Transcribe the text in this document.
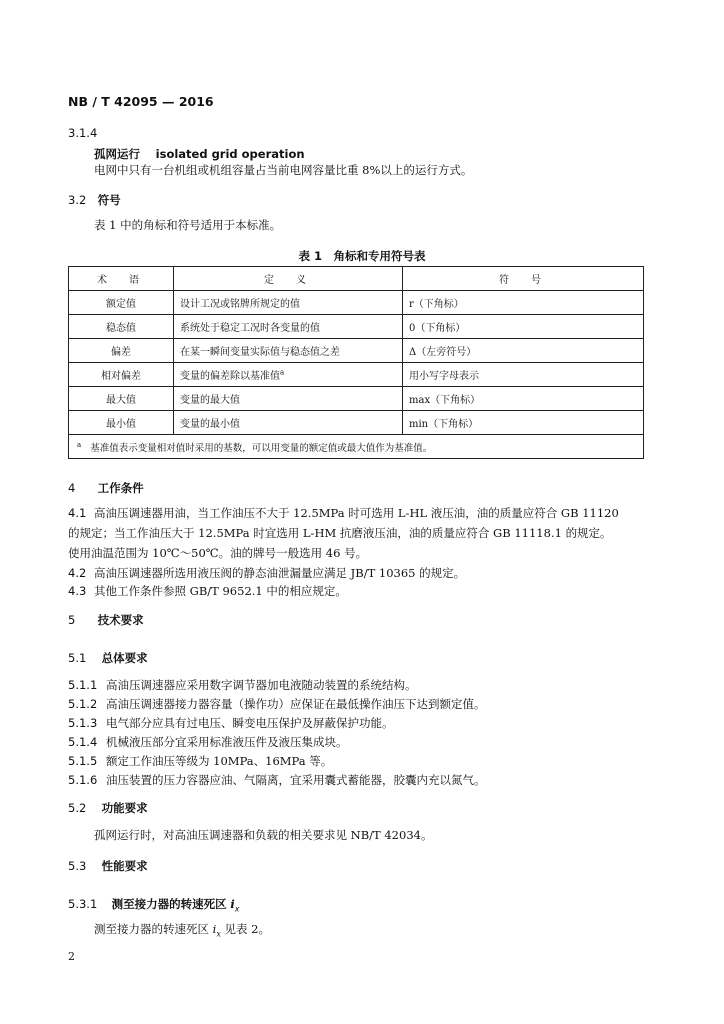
NB / T 42095 — 2016
3.1.4
孤网运行 isolated grid operation
电网中只有一台机组或机组容量占当前电网容量比重 8%以上的运行方式。
3.2 符号
表 1 中的角标和符号适用于本标准。
表 1　角标和专用符号表
术　语	定　义	符　号
额定值	设计工况或铭牌所规定的值	r（下角标）
稳态值	系统处于稳定工况时各变量的值	0（下角标）
偏差	在某一瞬间变量实际值与稳态值之差	Δ（左旁符号）
相对偏差	变量的偏差除以基准值$^a$	用小写字母表示
最大值	变量的最大值	max（下角标）
最小值	变量的最小值	min（下角标）
$^a$ 基准值表示变量相对值时采用的基数，可以用变量的额定值或最大值作为基准值。		
4 工作条件
4.1 高油压调速器用油，当工作油压不大于 12.5MPa 时可选用 L-HL 液压油，油的质量应符合 GB 11120
的规定；当工作油压大于 12.5MPa 时宜选用 L-HM 抗磨液压油，油的质量应符合 GB 11118.1 的规定。
使用油温范围为 10℃～50℃。油的牌号一般选用 46 号。
4.2 高油压调速器所选用液压阀的静态油泄漏量应满足 JB/T 10365 的规定。
4.3 其他工作条件参照 GB/T 9652.1 中的相应规定。
5 技术要求
5.1 总体要求
5.1.1 高油压调速器应采用数字调节器加电液随动装置的系统结构。
5.1.2 高油压调速器接力器容量（操作功）应保证在最低操作油压下达到额定值。
5.1.3 电气部分应具有过电压、瞬变电压保护及屏蔽保护功能。
5.1.4 机械液压部分宜采用标准液压件及液压集成块。
5.1.5 额定工作油压等级为 10MPa、16MPa 等。
5.1.6 油压装置的压力容器应油、气隔离，宜采用囊式蓄能器，胶囊内充以氮气。
5.2 功能要求
孤网运行时，对高油压调速器和负载的相关要求见 NB/T 42034。
5.3 性能要求
5.3.1 测至接力器的转速死区 $i_x$
测至接力器的转速死区 $i_x$ 见表 2。
2
